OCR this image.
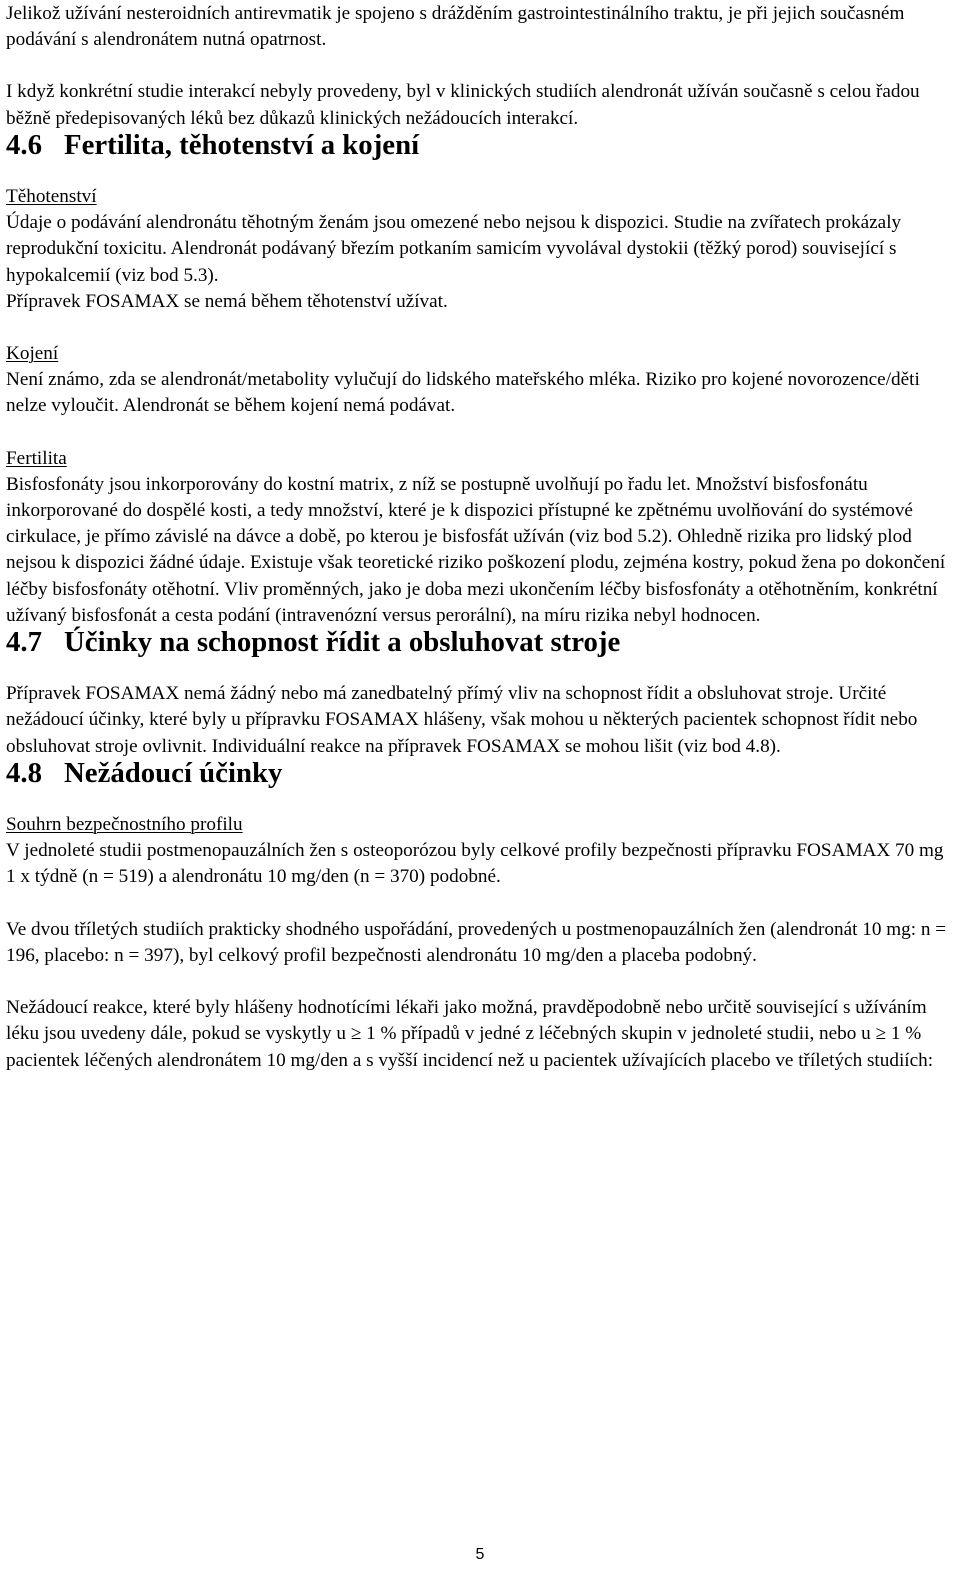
Jelikož užívání nesteroidních antirevmatik je spojeno s drážděním gastrointestinálního traktu, je při jejich současném podávání s alendronátem nutná opatrnost.

I když konkrétní studie interakcí nebyly provedeny, byl v klinických studiích alendronát užíván současně s celou řadou běžně předepisovaných léků bez důkazů klinických nežádoucích interakcí.

4.6 Fertilita, těhotenství a kojení
Těhotenství

Údaje o podávání alendronátu těhotným ženám jsou omezené nebo nejsou k dispozici. Studie na zvířatech prokázaly reprodukční toxicitu. Alendronát podávaný březím potkaním samicím vyvolával dystokii (těžký porod) související s hypokalcemií (viz bod 5.3).

Přípravek FOSAMAX se nemá během těhotenství užívat.

Kojení

Není známo, zda se alendronát/metabolity vylučují do lidského mateřského mléka. Riziko pro kojené novorozence/děti nelze vyloučit. Alendronát se během kojení nemá podávat.

Fertilita

Bisfosfonáty jsou inkorporovány do kostní matrix, z níž se postupně uvolňují po řadu let. Množství bisfosfonátu inkorporované do dospělé kosti, a tedy množství, které je k dispozici přístupné ke zpětnému uvolňování do systémové cirkulace, je přímo závislé na dávce a době, po kterou je bisfosfát užíván (viz bod 5.2). Ohledně rizika pro lidský plod nejsou k dispozici žádné údaje. Existuje však teoretické riziko poškození plodu, zejména kostry, pokud žena po dokončení léčby bisfosfonáty otěhotní. Vliv proměnných, jako je doba mezi ukončením léčby bisfosfonáty a otěhotněním, konkrétní užívaný bisfosfonát a cesta podání (intravenózní versus perorální), na míru rizika nebyl hodnocen.

4.7 Účinky na schopnost řídit a obsluhovat stroje

Přípravek FOSAMAX nemá žádný nebo má zanedbatelný přímý vliv na schopnost řídit a obsluhovat stroje. Určité nežádoucí účinky, které byly u přípravku FOSAMAX hlášeny, však mohou u některých pacientek schopnost řídit nebo obsluhovat stroje ovlivnit. Individuální reakce na přípravek FOSAMAX se mohou lišit (viz bod 4.8).

4.8 Nežádoucí účinky
Souhrn bezpečnostního profilu

V jednoleté studii postmenopauzálních žen s osteoporózou byly celkové profily bezpečnosti přípravku FOSAMAX 70 mg 1 x týdně (n = 519) a alendronátu 10 mg/den (n = 370) podobné.

Ve dvou tříletých studiích prakticky shodného uspořádání, provedených u postmenopauzálních žen (alendronát 10 mg: n = 196, placebo: n = 397), byl celkový profil bezpečnosti alendronátu 10 mg/den a placeba podobný.

Nežádoucí reakce, které byly hlášeny hodnotícími lékaři jako možná, pravděpodobně nebo určitě související s užíváním léku jsou uvedeny dále, pokud se vyskytly u ≥ 1 % případů v jedné z léčebných skupin v jednoleté studii, nebo u ≥ 1 % pacientek léčených alendronátem 10 mg/den a s vyšší incidencí než u pacientek užívajících placebo ve tříletých studiích:

5
